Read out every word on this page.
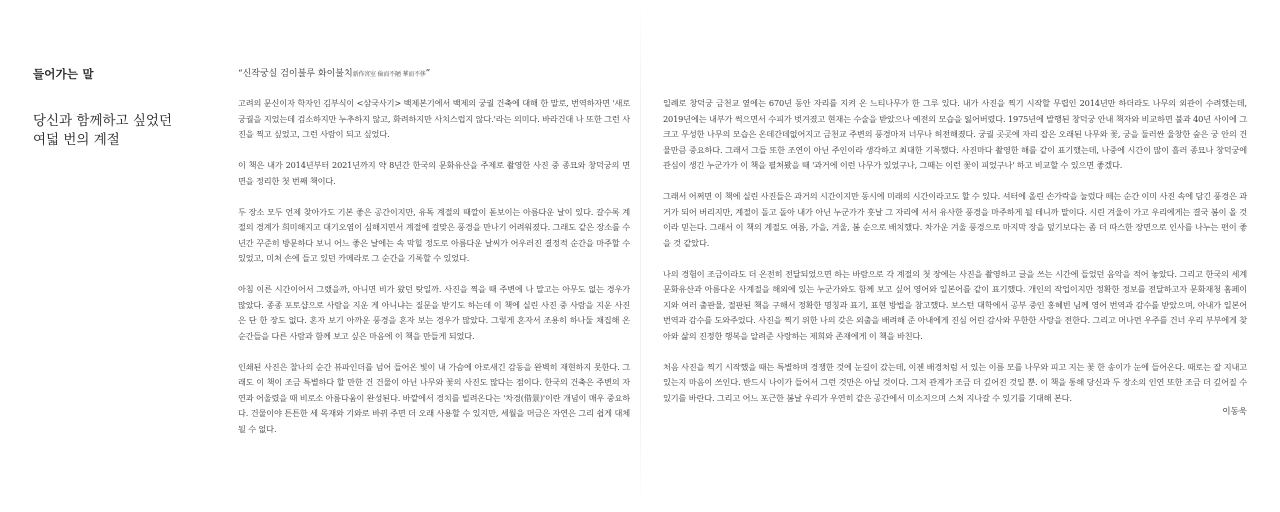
들어가는 말
당신과 함께하고 싶었던
여덟 번의 계절
“신작궁실 검이불루 화이불치新作宮室 儉而不陋 華而不侈”

고려의 문신이자 학자인 김부식이 <삼국사기> 백제본기에서 백제의 궁궐 건축에 대해 한 말로, 번역하자면 '새로 궁궐을 지었는데 검소하지만 누추하지 않고, 화려하지만 사치스럽지 않다.'라는 의미다. 바라건대 나 또한 그런 사진을 찍고 싶었고, 그런 사람이 되고 싶었다.

이 책은 내가 2014년부터 2021년까지 약 8년간 한국의 문화유산을 주제로 촬영한 사진 중 종묘와 창덕궁의 면면을 정리한 첫 번째 책이다.

두 장소 모두 언제 찾아가도 기본 좋은 공간이지만, 유독 계절의 때깔이 돋보이는 아름다운 날이 있다. 갈수록 계절의 경계가 희미해지고 대기오염이 심해지면서 계절에 걸맞은 풍경을 만나기 어려워졌다. 그래도 같은 장소를 수년간 꾸준히 방문하다 보니 어느 좋은 날에는 속 막힐 정도로 아름다운 날씨가 어우러진 결정적 순간을 마주할 수 있었고, 미쳐 손에 들고 있던 카메라로 그 순간을 기록할 수 있었다.

아침 이른 시간이어서 그랬을까, 아니면 비가 왔던 탓일까. 사진을 찍을 때 주변에 나 말고는 아무도 없는 경우가 많았다. 종종 포토샵으로 사람을 지운 게 아니냐는 질문을 받기도 하는데 이 책에 실린 사진 중 사람을 지운 사진은 단 한 장도 없다. 혼자 보기 아까운 풍경을 혼자 보는 경우가 많았다. 그렇게 혼자서 조용히 하나둘 채집해 온 순간들을 다른 사람과 함께 보고 싶은 마음에 이 책을 만들게 되었다.

인쇄된 사진은 찰나의 순간 뷰파인더를 넘어 들어온 빛이 내 가슴에 아로새긴 감동을 완벽히 재현하지 못한다. 그래도 이 책이 조금 특별하다 할 만한 건 건물이 아닌 나무와 꽃의 사진도 많다는 점이다. 한국의 건축은 주변의 자연과 어울렸을 때 비로소 아름다움이 완성된다. 바깥에서 경치를 빌려온다는 '차경(借景)'이란 개념이 매우 중요하다. 건물이야 튼튼한 세 목재와 기와로 바뀌 주면 더 오래 사용할 수 있지만, 세월을 머금은 자연은 그리 쉽게 대체될 수 없다.

일례로 창덕궁 금천교 옆에는 670년 동안 자리를 지켜 온 느티나무가 한 그루 있다. 내가 사진을 찍기 시작할 무렵인 2014년만 하더라도 나무의 외관이 수려했는데, 2019년에는 내부가 썩으면서 수피가 벗겨졌고 현재는 수술을 받았으나 예전의 모습을 잃어버렸다. 1975년에 발행된 창덕궁 안내 책자와 비교하면 불과 40년 사이에 그 크고 무성한 나무의 모습은 온데간데없어지고 금천교 주변의 풍경마저 너무나 허전해졌다. 궁궐 곳곳에 자리 잡은 오래된 나무와 꽃, 궁을 둘러싼 울창한 숲은 궁 안의 건물만큼 중요하다. 그래서 그들 또한 조연이 아닌 주인이라 생각하고 최대한 기록했다. 사진마다 촬영한 해를 같이 표기했는데, 나중에 시간이 많이 흘러 종묘나 창덕궁에 관심이 생긴 누군가가 이 책을 펼쳐봤을 때 '과거에 이런 나무가 있었구나, 그때는 이런 꽃이 피었구나' 하고 비교할 수 있으면 좋겠다.

그래서 어쩌면 이 책에 실린 사진들은 과거의 시간이지만 동시에 미래의 시간이라고도 할 수 있다. 셔터에 올린 손가락을 눌렀다 떼는 순간 이미 사진 속에 담긴 풍경은 과거가 되어 버리지만, 계절이 돌고 돌아 내가 아닌 누군가가 훗날 그 자리에 서서 유사한 풍경을 마주하게 될 테니까 말이다. 시린 겨울이 가고 우리에게는 결국 봄이 올 것이라 믿는다. 그래서 이 책의 계절도 여름, 가을, 겨울, 봄 순으로 배치했다. 차가운 겨울 풍경으로 마지막 장을 덮기보다는 좀 더 따스한 장면으로 인사를 나누는 편이 좋을 것 같았다.

나의 경험이 조금이라도 더 온전히 전달되었으면 하는 바람으로 각 계절의 첫 장에는 사진을 촬영하고 글을 쓰는 시간에 들었던 음악을 적어 놓았다. 그리고 한국의 세계문화유산과 아름다운 사계절을 해외에 있는 누군가와도 함께 보고 싶어 영어와 일본어를 같이 표기했다. 개인의 작업이지만 정확한 정보를 전달하고자 문화재청 홈페이지와 여러 출판물, 절판된 책을 구해서 정확한 명칭과 표기, 표현 방법을 참고했다. 보스턴 대학에서 공부 중인 홍혜빈 님께 영어 번역과 감수를 받았으며, 아내가 일본어 번역과 감수를 도와주었다. 사진을 찍기 위한 나의 갖은 외출을 배려해 준 아내에게 진심 어린 감사와 무한한 사랑을 전한다. 그리고 머나먼 우주를 건너 우리 부부에게 찾아와 삶의 진정한 행복을 알려준 사랑하는 제희와 존재에게 이 책을 바친다.

처음 사진을 찍기 시작했을 때는 특별하며 경쟁한 것에 눈길이 갔는데, 이젠 배경처럼 서 있는 이름 모를 나무와 피고 지는 꽃 한 송이가 눈에 들어온다. 때로는 잘 지내고 있는지 마음이 쓰인다. 반드시 나이가 들어서 그런 것만은 아닐 것이다. 그저 관계가 조금 더 깊어진 것일 뿐. 이 책을 통해 당신과 두 장소의 인연 또한 조금 더 깊어질 수 있기를 바란다. 그리고 어느 포근한 봄날 우리가 우연히 같은 공간에서 미소지으며 스쳐 지나갈 수 있기를 기대해 본다.

이동욱
